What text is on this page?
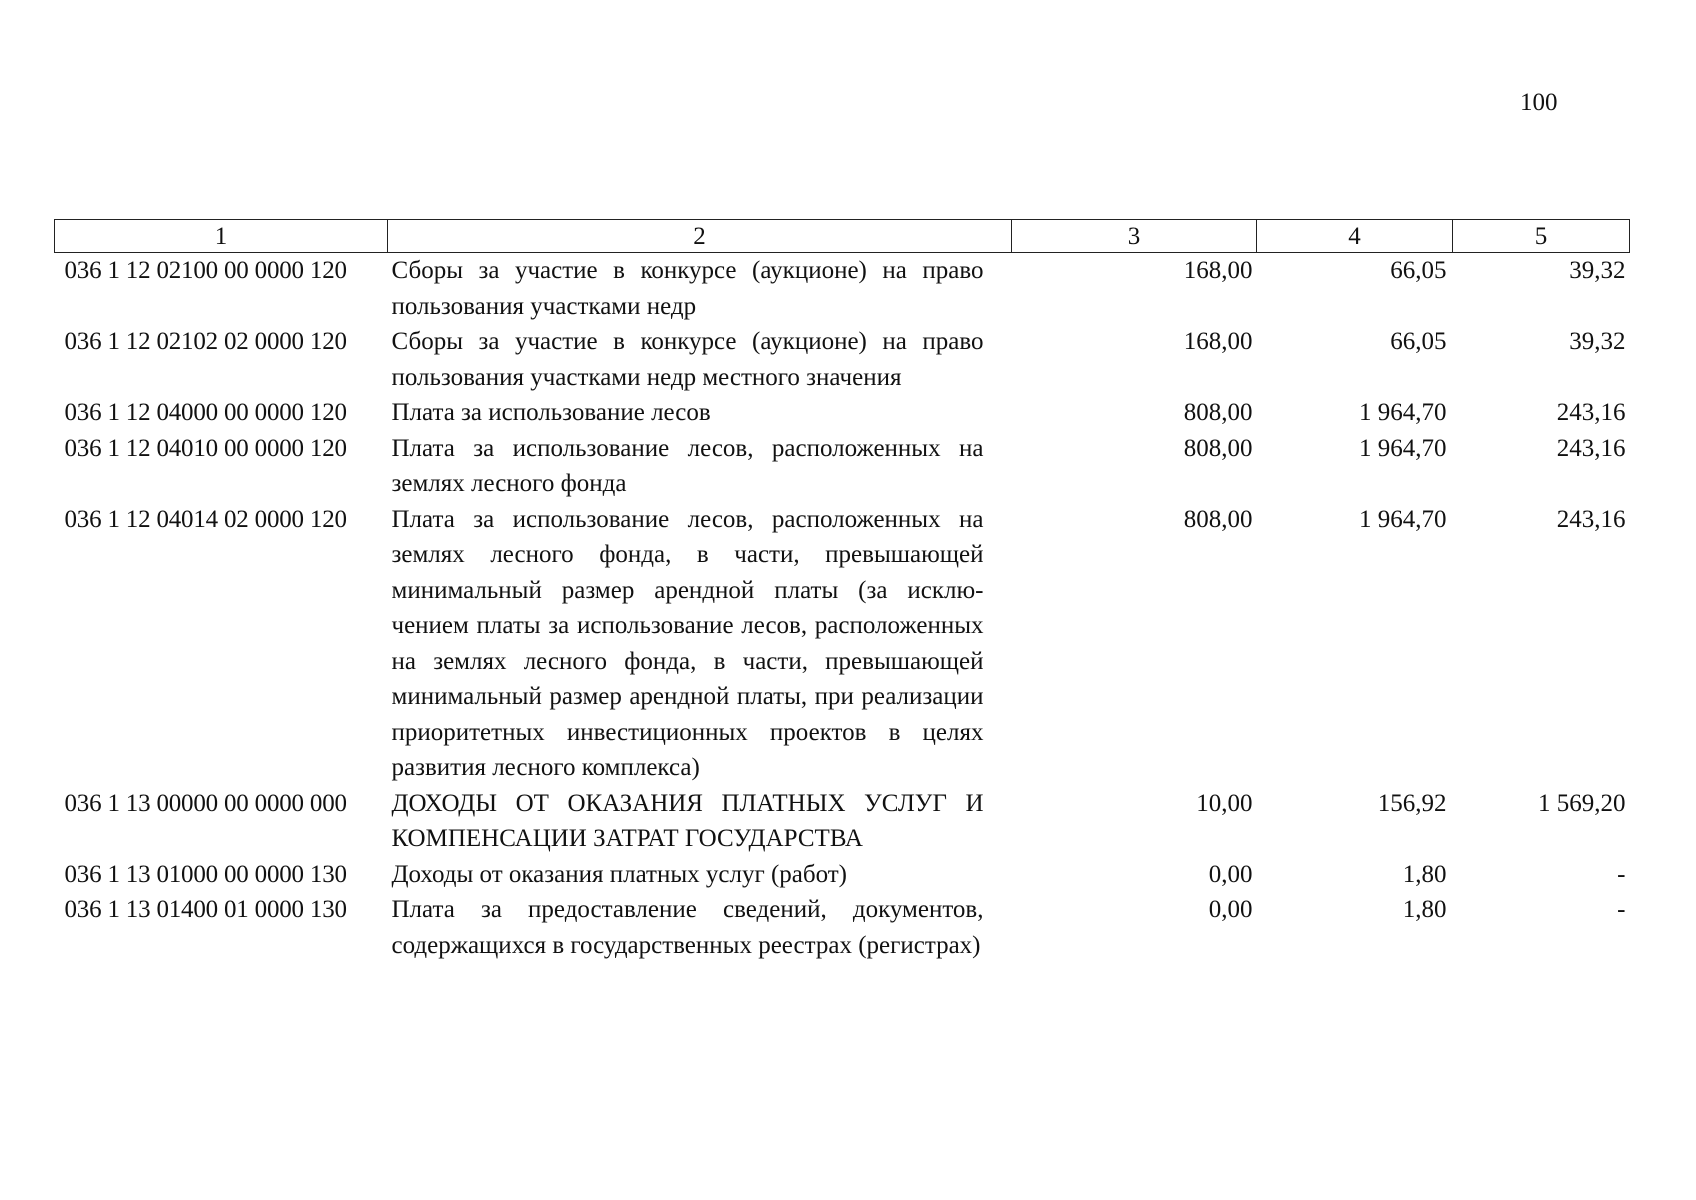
100
1	2	3	4	5
036 1 12 02100 00 0000 120	Сборы за участие в конкурсе (аукционе) на право пользования участками недр	168,00	66,05	39,32
036 1 12 02102 02 0000 120	Сборы за участие в конкурсе (аукционе) на право пользования участками недр местного значения	168,00	66,05	39,32
036 1 12 04000 00 0000 120	Плата за использование лесов	808,00	1 964,70	243,16
036 1 12 04010 00 0000 120	Плата за использование лесов, расположенных на землях лесного фонда	808,00	1 964,70	243,16
036 1 12 04014 02 0000 120	Плата за использование лесов, расположенных на землях лесного фонда, в части, превышающей минимальный размер арендной платы (за исклю-чением платы за использование лесов, расположенных на землях лесного фонда, в части, превышающей минимальный размер арендной платы, при реализации приоритетных инвестиционных проектов в целях развития лесного комплекса)	808,00	1 964,70	243,16
036 1 13 00000 00 0000 000	ДОХОДЫ ОТ ОКАЗАНИЯ ПЛАТНЫХ УСЛУГ И КОМПЕНСАЦИИ ЗАТРАТ ГОСУДАРСТВА	10,00	156,92	1 569,20
036 1 13 01000 00 0000 130	Доходы от оказания платных услуг (работ)	0,00	1,80	-
036 1 13 01400 01 0000 130	Плата за предоставление сведений, документов, содержащихся в государственных реестрах (регистрах)	0,00	1,80	-
